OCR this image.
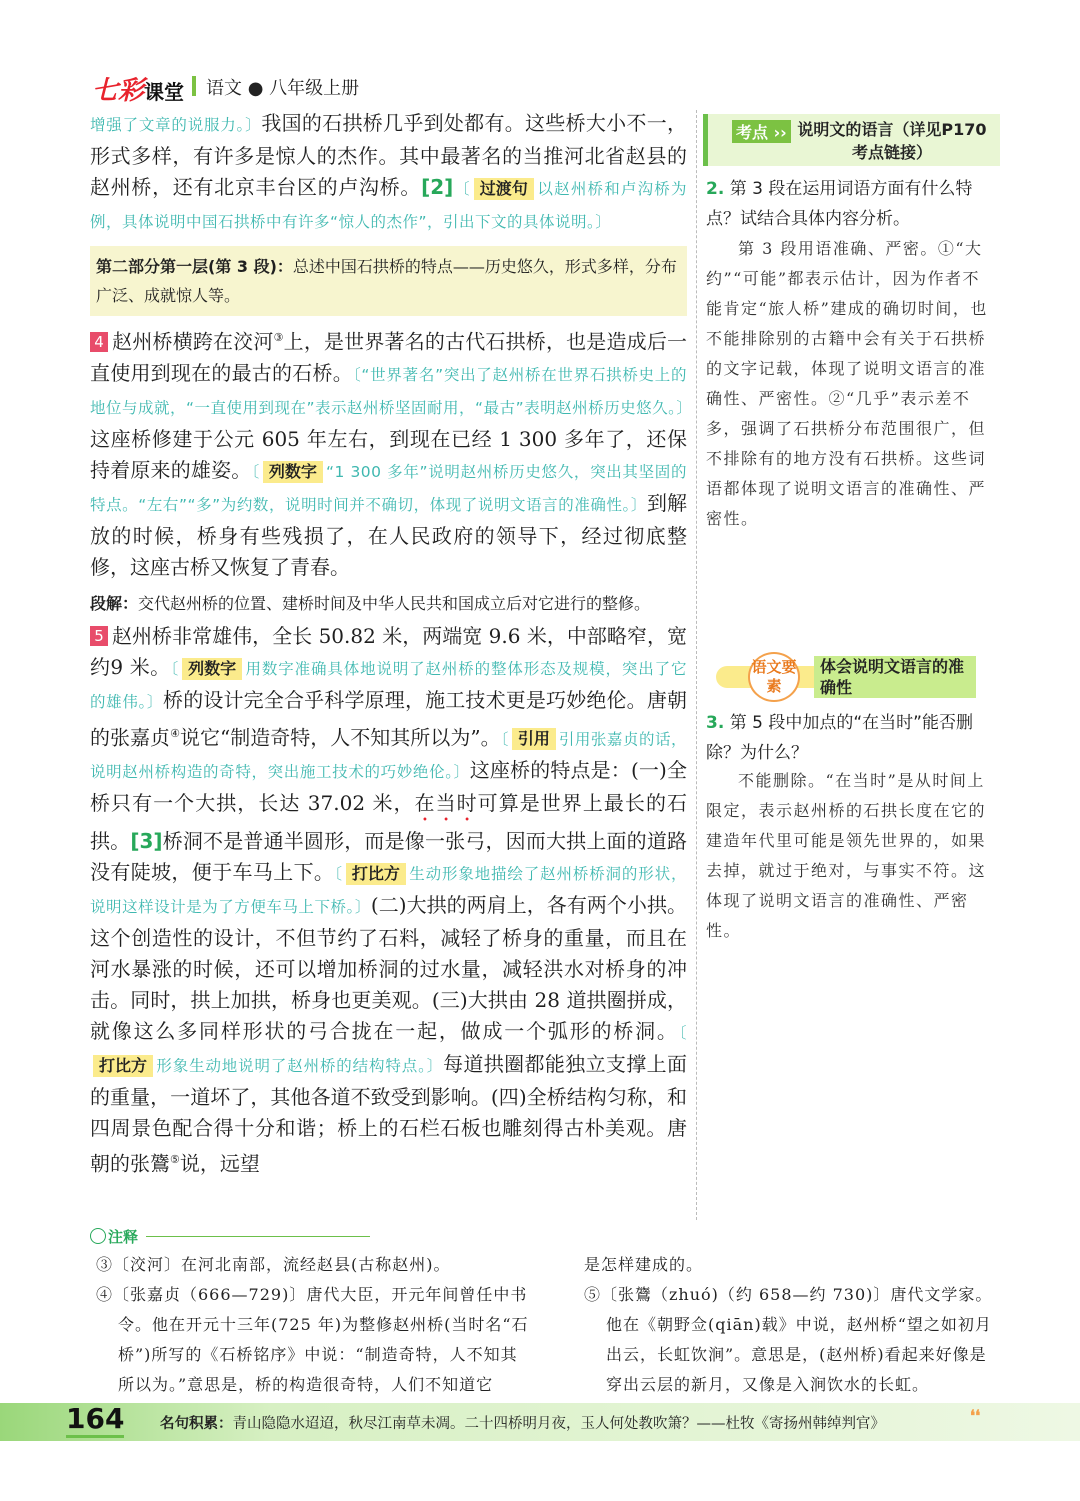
七彩课堂 语文 ● 八年级上册

增强了文章的说服力。〕我国的石拱桥几乎到处都有。这些桥大小不一，形式多样，有许多是惊人的杰作。其中最著名的当推河北省赵县的赵州桥，还有北京丰台区的卢沟桥。[2]〔 过渡句 以赵州桥和卢沟桥为例，具体说明中国石拱桥中有许多“惊人的杰作”，引出下文的具体说明。〕

第二部分第一层(第 3 段)：总述中国石拱桥的特点——历史悠久，形式多样，分布广泛、成就惊人等。

4 赵州桥横跨在洨河③上，是世界著名的古代石拱桥，也是造成后一直使用到现在的最古的石桥。〔“世界著名”突出了赵州桥在世界石拱桥史上的地位与成就，“一直使用到现在”表示赵州桥坚固耐用，“最古”表明赵州桥历史悠久。〕这座桥修建于公元 605 年左右，到现在已经 1 300 多年了，还保持着原来的雄姿。〔 列数字 “1 300 多年”说明赵州桥历史悠久，突出其坚固的特点。“左右”“多”为约数，说明时间并不确切，体现了说明文语言的准确性。〕到解放的时候，桥身有些残损了，在人民政府的领导下，经过彻底整修，这座古桥又恢复了青春。

段解：交代赵州桥的位置、建桥时间及中华人民共和国成立后对它进行的整修。

5 赵州桥非常雄伟，全长 50.82 米，两端宽 9.6 米，中部略窄，宽约9 米。〔 列数字 用数字准确具体地说明了赵州桥的整体形态及规模，突出了它的雄伟。〕桥的设计完全合乎科学原理，施工技术更是巧妙绝伦。唐朝的张嘉贞④说它“制造奇特，人不知其所以为”。〔 引用 引用张嘉贞的话，说明赵州桥构造的奇特，突出施工技术的巧妙绝伦。〕这座桥的特点是：(一)全桥只有一个大拱，长达 37.02 米，在当时可算是世界上最长的石拱。[3]桥洞不是普通半圆形，而是像一张弓，因而大拱上面的道路没有陡坡，便于车马上下。〔 打比方 生动形象地描绘了赵州桥桥洞的形状，说明这样设计是为了方便车马上下桥。〕(二)大拱的两肩上，各有两个小拱。这个创造性的设计，不但节约了石料，减轻了桥身的重量，而且在河水暴涨的时候，还可以增加桥洞的过水量，减轻洪水对桥身的冲击。同时，拱上加拱，桥身也更美观。(三)大拱由 28 道拱圈拼成，就像这么多同样形状的弓合拢在一起，做成一个弧形的桥洞。〔打比方 形象生动地说明了赵州桥的结构特点。〕每道拱圈都能独立支撑上面的重量，一道坏了，其他各道不致受到影响。(四)全桥结构匀称，和四周景色配合得十分和谐；桥上的石栏石板也雕刻得古朴美观。唐朝的张鷟⑤说，远望

考点 ›› 说明文的语言（详见P170 考点链接）
2. 第 3 段在运用词语方面有什么特点？试结合具体内容分析。
第 3 段用语准确、严密。①“大约”“可能”都表示估计，因为作者不能肯定“旅人桥”建成的确切时间，也不能排除别的古籍中会有关于石拱桥的文字记载，体现了说明文语言的准确性、严密性。②“几乎”表示差不多，强调了石拱桥分布范围很广，但不排除有的地方没有石拱桥。这些词语都体现了说明文语言的准确性、严密性。
语文要素
体会说明文语言的准确性
3. 第 5 段中加点的“在当时”能否删除？为什么？
不能删除。“在当时”是从时间上限定，表示赵州桥的石拱长度在它的建造年代里可能是领先世界的，如果去掉，就过于绝对，与事实不符。这体现了说明文语言的准确性、严密性。
注释

③〔洨河〕在河北南部，流经赵县(古称赵州)。

④〔张嘉贞（666—729)〕唐代大臣，开元年间曾任中书令。他在开元十三年(725 年)为整修赵州桥(当时名“石桥”)所写的《石桥铭序》中说：“制造奇特，人不知其所以为。”意思是，桥的构造很奇特，人们不知道它

是怎样建成的。

⑤〔张鷟（zhuó)（约 658—约 730)〕唐代文学家。他在《朝野佥(qiān)载》中说，赵州桥“望之如初月出云，长虹饮涧”。意思是，(赵州桥)看起来好像是穿出云层的新月，又像是入涧饮水的长虹。

164 名句积累：青山隐隐水迢迢，秋尽江南草未凋。二十四桥明月夜，玉人何处教吹箫？——杜牧《寄扬州韩绰判官》	❛❛
